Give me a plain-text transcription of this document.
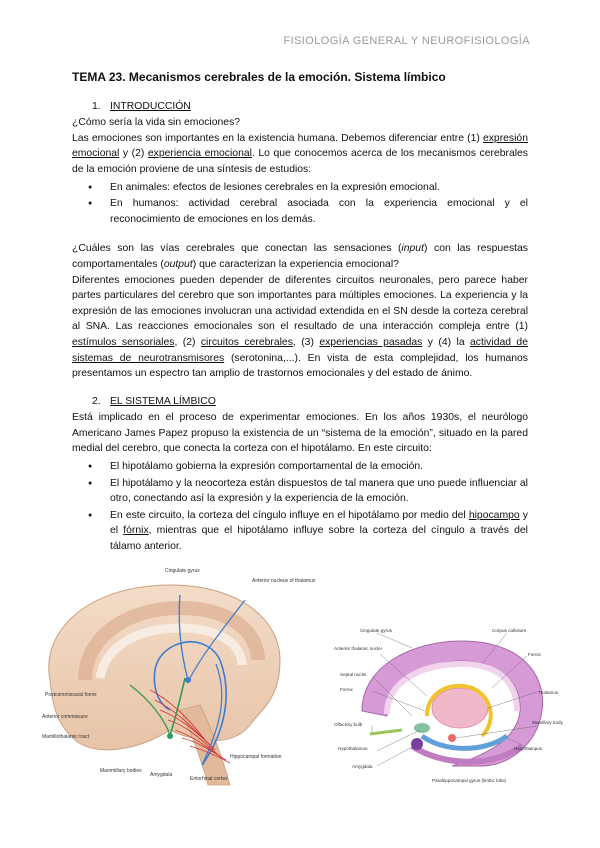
FISIOLOGÍA GENERAL Y NEUROFISIOLOGÍA
TEMA 23. Mecanismos cerebrales de la emoción. Sistema límbico
1. INTRODUCCIÓN

¿Cómo sería la vida sin emociones?

Las emociones son importantes en la existencia humana. Debemos diferenciar entre (1) expresión emocional y (2) experiencia emocional. Lo que conocemos acerca de los mecanismos cerebrales de la emoción proviene de una síntesis de estudios:

● En animales: efectos de lesiones cerebrales en la expresión emocional.
● En humanos: actividad cerebral asociada con la experiencia emocional y el reconocimiento de emociones en los demás.

¿Cuáles son las vías cerebrales que conectan las sensaciones (input) con las respuestas comportamentales (output) que caracterizan la experiencia emocional?

Diferentes emociones pueden depender de diferentes circuitos neuronales, pero parece haber partes particulares del cerebro que son importantes para múltiples emociones. La experiencia y la expresión de las emociones involucran una actividad extendida en el SN desde la corteza cerebral al SNA. Las reacciones emocionales son el resultado de una interacción compleja entre (1) estímulos sensoriales, (2) circuitos cerebrales, (3) experiencias pasadas y (4) la actividad de sistemas de neurotransmisores (serotonina,...). En vista de esta complejidad, los humanos presentamos un espectro tan amplio de trastornos emocionales y del estado de ánimo.

2. EL SISTEMA LÍMBICO

Está implicado en el proceso de experimentar emociones. En los años 1930s, el neurólogo Americano James Papez propuso la existencia de un “sistema de la emoción”, situado en la pared medial del cerebro, que conecta la corteza con el hipotálamo. En este circuito:

● El hipotálamo gobierna la expresión comportamental de la emoción.
● El hipotálamo y la neocorteza están dispuestos de tal manera que uno puede influenciar al otro, conectando así la expresión y la experiencia de la emoción.
● En este circuito, la corteza del cíngulo influye en el hipotálamo por medio del hipocampo y el fórnix, mientras que el hipotálamo influye sobre la corteza del cíngulo a través del tálamo anterior.
Cingulate gyrus
Anterior nucleus of thalamus
Postcommissural fornix
Anterior commissure
Mamillothalamic tract
Mammillary bodies
Amygdala
Entorhinal cortex
Hippocampal formation
Cingulate gyrus
Anterior thalamic nuclei
Septal nuclei
Fornix
Olfactory bulb
Hypothalamus
Amygdala
Corpus callosum
Fornix
Thalamus
Mamillary body
Hippocampus
Parahippocampal gyrus (limbic lobe)
